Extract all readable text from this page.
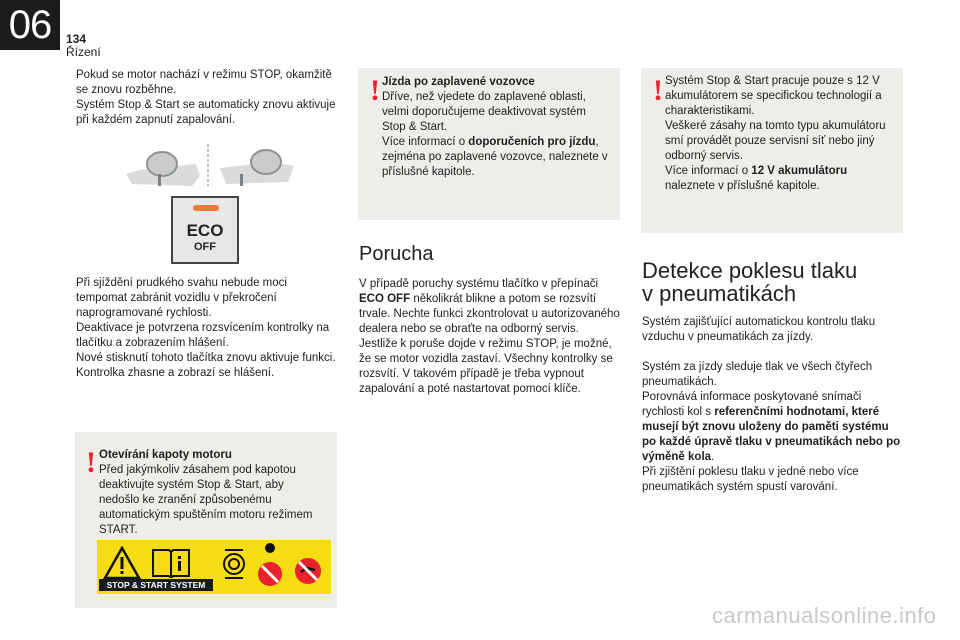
06	134
Řízení

Pokud se motor nachází v režimu STOP, okamžitě se znovu rozběhne.

Systém Stop & Start se automaticky znovu aktivuje při každém zapnutí zapalování.

ECO
OFF

Při sjíždění prudkého svahu nebude moci tempomat zabránit vozidlu v překročení naprogramované rychlosti.

Deaktivace je potvrzena rozsvícením kontrolky na tlačítku a zobrazením hlášení.

Nové stisknutí tohoto tlačítka znovu aktivuje funkci. Kontrolka zhasne a zobrazí se hlášení.

! Otevírání kapoty motoru
Před jakýmkoliv zásahem pod kapotou deaktivujte systém Stop & Start, aby nedošlo ke zranění způsobenému automatickým spuštěním motoru režimem START.
STOP & START SYSTEM
! Jízda po zaplavené vozovce
Dříve, než vjedete do zaplavené oblasti, velmi doporučujeme deaktivovat systém Stop & Start.
Více informací o doporučeních pro jízdu, zejména po zaplavené vozovce, naleznete v příslušné kapitole.
Porucha

V případě poruchy systému tlačítko v přepínači ECO OFF několikrát blikne a potom se rozsvítí trvale. Nechte funkci zkontrolovat u autorizovaného dealera nebo se obraťte na odborný servis.

Jestliže k poruše dojde v režimu STOP, je možné, že se motor vozidla zastaví. Všechny kontrolky se rozsvítí. V takovém případě je třeba vypnout zapalování a poté nastartovat pomocí klíče.

! Systém Stop & Start pracuje pouze s 12 V akumulátorem se specifickou technologií a charakteristikami.
Veškeré zásahy na tomto typu akumulátoru smí provádět pouze servisní síť nebo jiný odborný servis.
Více informací o 12 V akumulátoru naleznete v příslušné kapitole.
Detekce poklesu tlaku
v pneumatikách

Systém zajišťující automatickou kontrolu tlaku vzduchu v pneumatikách za jízdy.

Systém za jízdy sleduje tlak ve všech čtyřech pneumatikách.

Porovnává informace poskytované snímači rychlosti kol s referenčními hodnotami, které musejí být znovu uloženy do paměti systému po každé úpravě tlaku v pneumatikách nebo po výměně kola.

Při zjištění poklesu tlaku v jedné nebo více pneumatikách systém spustí varování.

carmanualsonline.info
